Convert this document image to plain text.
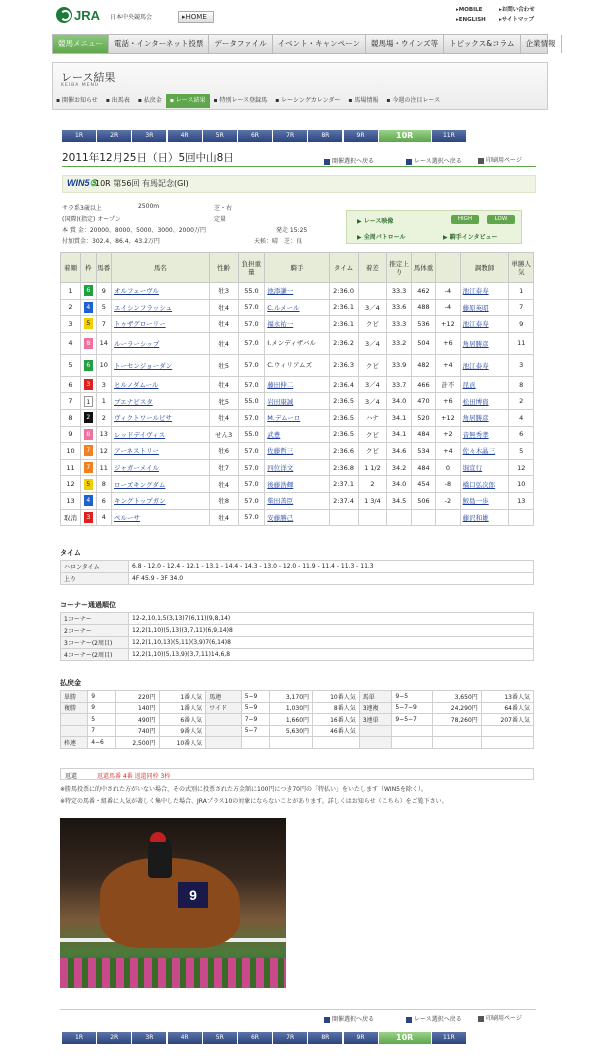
JRA 日本中央競馬会	▸HOME
▸MOBILE	▸お問い合わせ ▸ENGLISH ▸サイトマップ
競馬メニュー	電話・インターネット投票	データファイル	イベント・キャンペーン	競馬場・ウインズ等	トピックス&コラム	企業情報
レース結果
KEIBA MENU
▪ 開催お知らせ	▪ 出馬表	▪ 払戻金	▪ レース結果	▪ 特別レース登録馬	▪ レーシングカレンダー	▪ 馬場情報	▪ 今週の注目レース
1R	2R	3R	4R	5R	6R	7R	8R	9R	10R	11R
2011年12月25日（日）5回中山8日	開催選択へ戻る	レース選択へ戻る	印刷用ページ
WIN5⑤
10R 第56回 有馬記念(GI)
サラ系3歳以上	2500m	芝・右
(国際)(指定) オープン	定量
本 賞 金：20000、8000、5000、3000、2000万円	発走 15:25
付加賞金：302.4、86.4、43.2万円	天候：晴　芝：良
▶ レース映像	HIGH	LOW
▶ 全周パトロール	▶ 騎手インタビュー
着順	枠	馬番	馬名	性齢	負担重量	騎手	タイム	着差	推定上り	馬体重		調教師	単勝人気
1	6	9	オルフェーヴル	牡3	55.0	池添謙一	2:36.0		33.3	462	-4	池江泰寿	1
2	4	5	エイシンフラッシュ	牡4	57.0	C.ルメール	2:36.1	3／4	33.6	488	-4	藤原英昭	7
3	5	7	トゥザグローリー	牡4	57.0	福永祐一	2:36.1	クビ	33.3	536	+12	池江泰寿	9
4	8	14	ルーラーシップ	牡4	57.0	I.メンディザバル	2:36.2	3／4	33.2	504	+6	角居勝彦	11
5	6	10	トーセンジョーダン	牡5	57.0	C.ウィリアムズ	2:36.3	クビ	33.9	482	+4	池江泰寿	3
6	3	3	ヒルノダムール	牡4	57.0	藤田伸二	2:36.4	3／4	33.7	466	計不	昆貢	8
7	1	1	ブエナビスタ	牝5	55.0	岩田康誠	2:36.5	3／4	34.0	470	+6	松田博資	2
8	2	2	ヴィクトワールピサ	牡4	57.0	M.デムーロ	2:36.5	ハナ	34.1	520	+12	角居勝彦	4
9	8	13	レッドデイヴィス	せん3	55.0	武豊	2:36.5	クビ	34.1	484	+2	音無秀孝	6
10	7	12	アーネストリー	牡6	57.0	佐藤哲三	2:36.6	クビ	34.6	534	+4	佐々木晶三	5
11	7	11	ジャガーメイル	牡7	57.0	四位洋文	2:36.8	1 1/2	34.2	484	0	堀宣行	12
12	5	8	ローズキングダム	牡4	57.0	後藤浩輝	2:37.1	2	34.0	454	-8	橋口弘次郎	10
13	4	6	キングトップガン	牡8	57.0	柴田善臣	2:37.4	1 3/4	34.5	506	-2	鮫島一歩	13
取消	3	4	ペルーサ	牡4	57.0	安藤勝己						藤沢和雄	
タイム
ハロンタイム	6.8 - 12.0 - 12.4 - 12.1 - 13.1 - 14.4 - 14.3 - 13.0 - 12.0 - 11.9 - 11.4 - 11.3 - 11.3
上り	4F 45.9 - 3F 34.0
コーナー通過順位
1コーナー	12-2,10,1,5(3,13)7(6,11)(9,8,14)
2コーナー	12,2(1,10)(5,13)(3,7,11)(6,9,14)8
3コーナー(2周目)	12,2(1,10,13)(5,11)(3,9)7(6,14)8
4コーナー(2周目)	12,2(1,10)(5,13,9)(3,7,11)14,6,8
払戻金
単勝	9	220円	1番人気	馬連	5−9	3,170円	10番人気	馬単	9−5	3,650円	13番人気
複勝	9	140円	1番人気	ワイド	5−9	1,030円	8番人気	3連複	5−7−9	24,290円	64番人気
	5	490円	6番人気		7−9	1,660円	16番人気	3連単	9−5−7	78,260円	207番人気
	7	740円	9番人気		5−7	5,630円	46番人気				
枠連	4−6	2,500円	10番人気								
返還	返還馬番 4番 返還同枠 3枠
※勝馬投票に的中された方がいない場合、その式別に投票された方金額に100円につき70円の「特払い」をいたします（WIN5を除く）。
※特定の馬番・組番に人気が著しく集中した場合、JRAプラス10の対象にならないことがあります。詳しくはお知らせ（こちら）をご覧下さい。
9
開催選択へ戻る	レース選択へ戻る	印刷用ページ
1R	2R	3R	4R	5R	6R	7R	8R	9R	10R	11R
